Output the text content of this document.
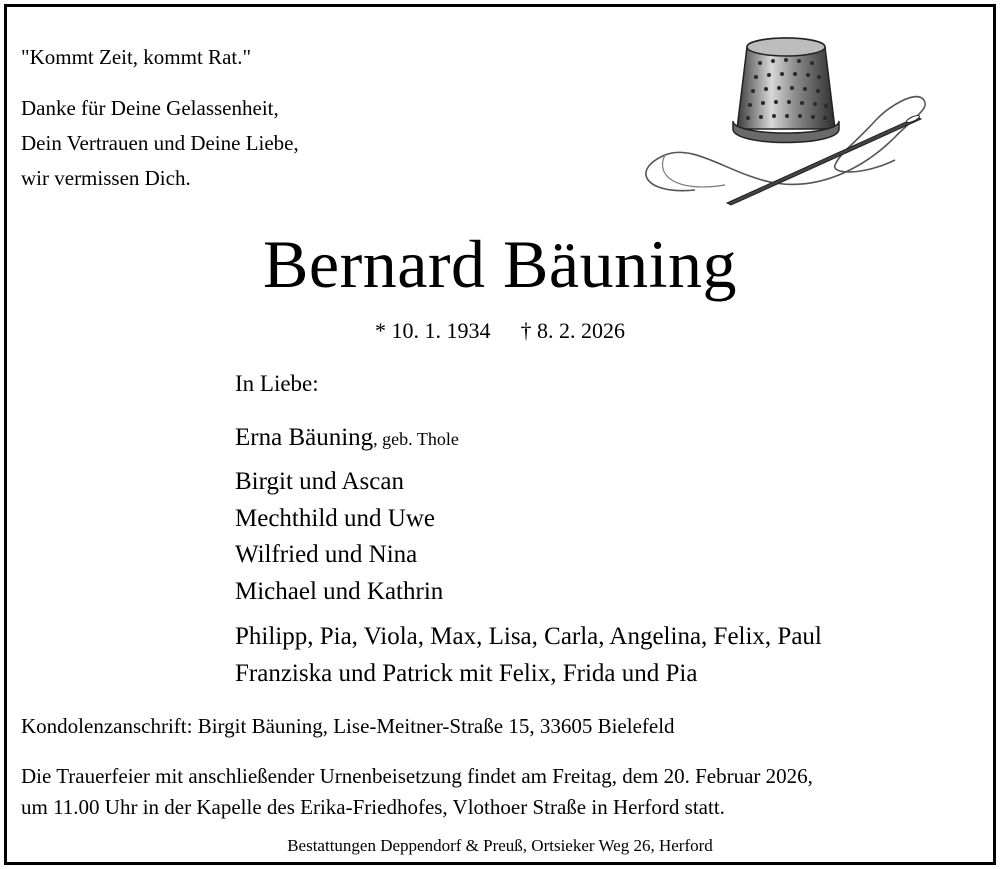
"Kommt Zeit, kommt Rat."
Danke für Deine Gelassenheit,
Dein Vertrauen und Deine Liebe,
wir vermissen Dich.
Bernard Bäuning
* 10. 1. 1934 † 8. 2. 2026
In Liebe:
Erna Bäuning, geb. Thole
Birgit und Ascan
Mechthild und Uwe
Wilfried und Nina
Michael und Kathrin
Philipp, Pia, Viola, Max, Lisa, Carla, Angelina, Felix, Paul
Franziska und Patrick mit Felix, Frida und Pia
Kondolenzanschrift: Birgit Bäuning, Lise-Meitner-Straße 15, 33605 Bielefeld
Die Trauerfeier mit anschließender Urnenbeisetzung findet am Freitag, dem 20. Februar 2026,
um 11.00 Uhr in der Kapelle des Erika-Friedhofes, Vlothoer Straße in Herford statt.
Bestattungen Deppendorf & Preuß, Ortsieker Weg 26, Herford
